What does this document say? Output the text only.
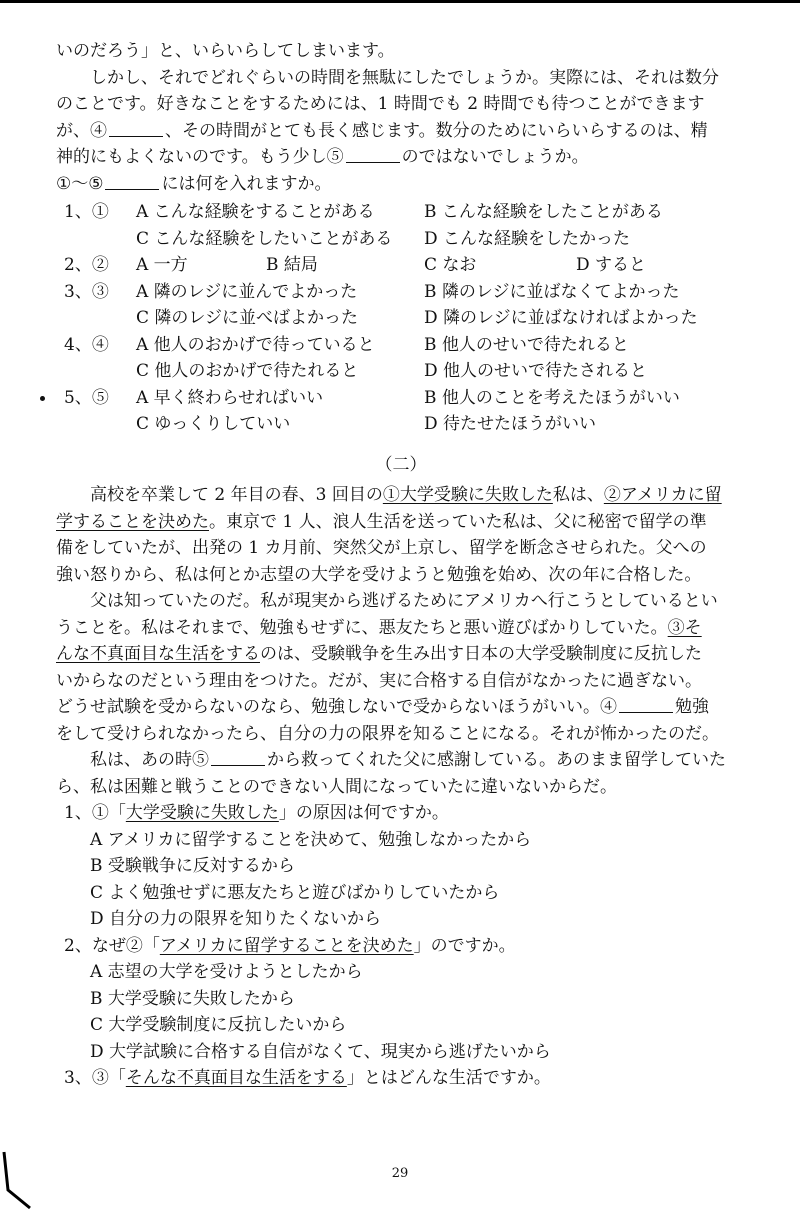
いのだろう」と、いらいらしてしまいます。
しかし、それでどれぐらいの時間を無駄にしたでしょうか。実際には、それは数分
のことです。好きなことをするためには、1 時間でも 2 時間でも待つことができます
が、④	、その時間がとても長く感じます。数分のためにいらいらするのは、精
神的にもよくないのです。もう少し⑤	のではないでしょうか。
①～⑤	には何を入れますか。
1、① A こんな経験をすることがある	B こんな経験をしたことがある
C こんな経験をしたいことがある D こんな経験をしたかった
2、② A 一方	B 結局	C なお	D すると
3、③ A 隣のレジに並んでよかった	B 隣のレジに並ばなくてよかった
C 隣のレジに並べばよかった	D 隣のレジに並ばなければよかった
4、④ A 他人のおかげで待っていると	B 他人のせいで待たれると
C 他人のおかげで待たれると	D 他人のせいで待たされると
5、⑤ A 早く終わらせればいい	B 他人のことを考えたほうがいい
C ゆっくりしていい	D 待たせたほうがいい
（二）
高校を卒業して 2 年目の春、3 回目の①大学受験に失敗した私は、②アメリカに留
学することを決めた。東京で 1 人、浪人生活を送っていた私は、父に秘密で留学の準
備をしていたが、出発の 1 カ月前、突然父が上京し、留学を断念させられた。父への
強い怒りから、私は何とか志望の大学を受けようと勉強を始め、次の年に合格した。
父は知っていたのだ。私が現実から逃げるためにアメリカへ行こうとしているとい
うことを。私はそれまで、勉強もせずに、悪友たちと悪い遊びばかりしていた。③そ
んな不真面目な生活をするのは、受験戦争を生み出す日本の大学受験制度に反抗した
いからなのだという理由をつけた。だが、実に合格する自信がなかったに過ぎない。
どうせ試験を受からないのなら、勉強しないで受からないほうがいい。④	勉強
をして受けられなかったら、自分の力の限界を知ることになる。それが怖かったのだ。
私は、あの時⑤	から救ってくれた父に感謝している。あのまま留学していた
ら、私は困難と戦うことのできない人間になっていたに違いないからだ。
1、①「大学受験に失敗した」の原因は何ですか。
A アメリカに留学することを決めて、勉強しなかったから
B 受験戦争に反対するから
C よく勉強せずに悪友たちと遊びばかりしていたから
D 自分の力の限界を知りたくないから
2、なぜ②「アメリカに留学することを決めた」のですか。
A 志望の大学を受けようとしたから
B 大学受験に失敗したから
C 大学受験制度に反抗したいから
D 大学試験に合格する自信がなくて、現実から逃げたいから
3、③「そんな不真面目な生活をする」とはどんな生活ですか。
29
